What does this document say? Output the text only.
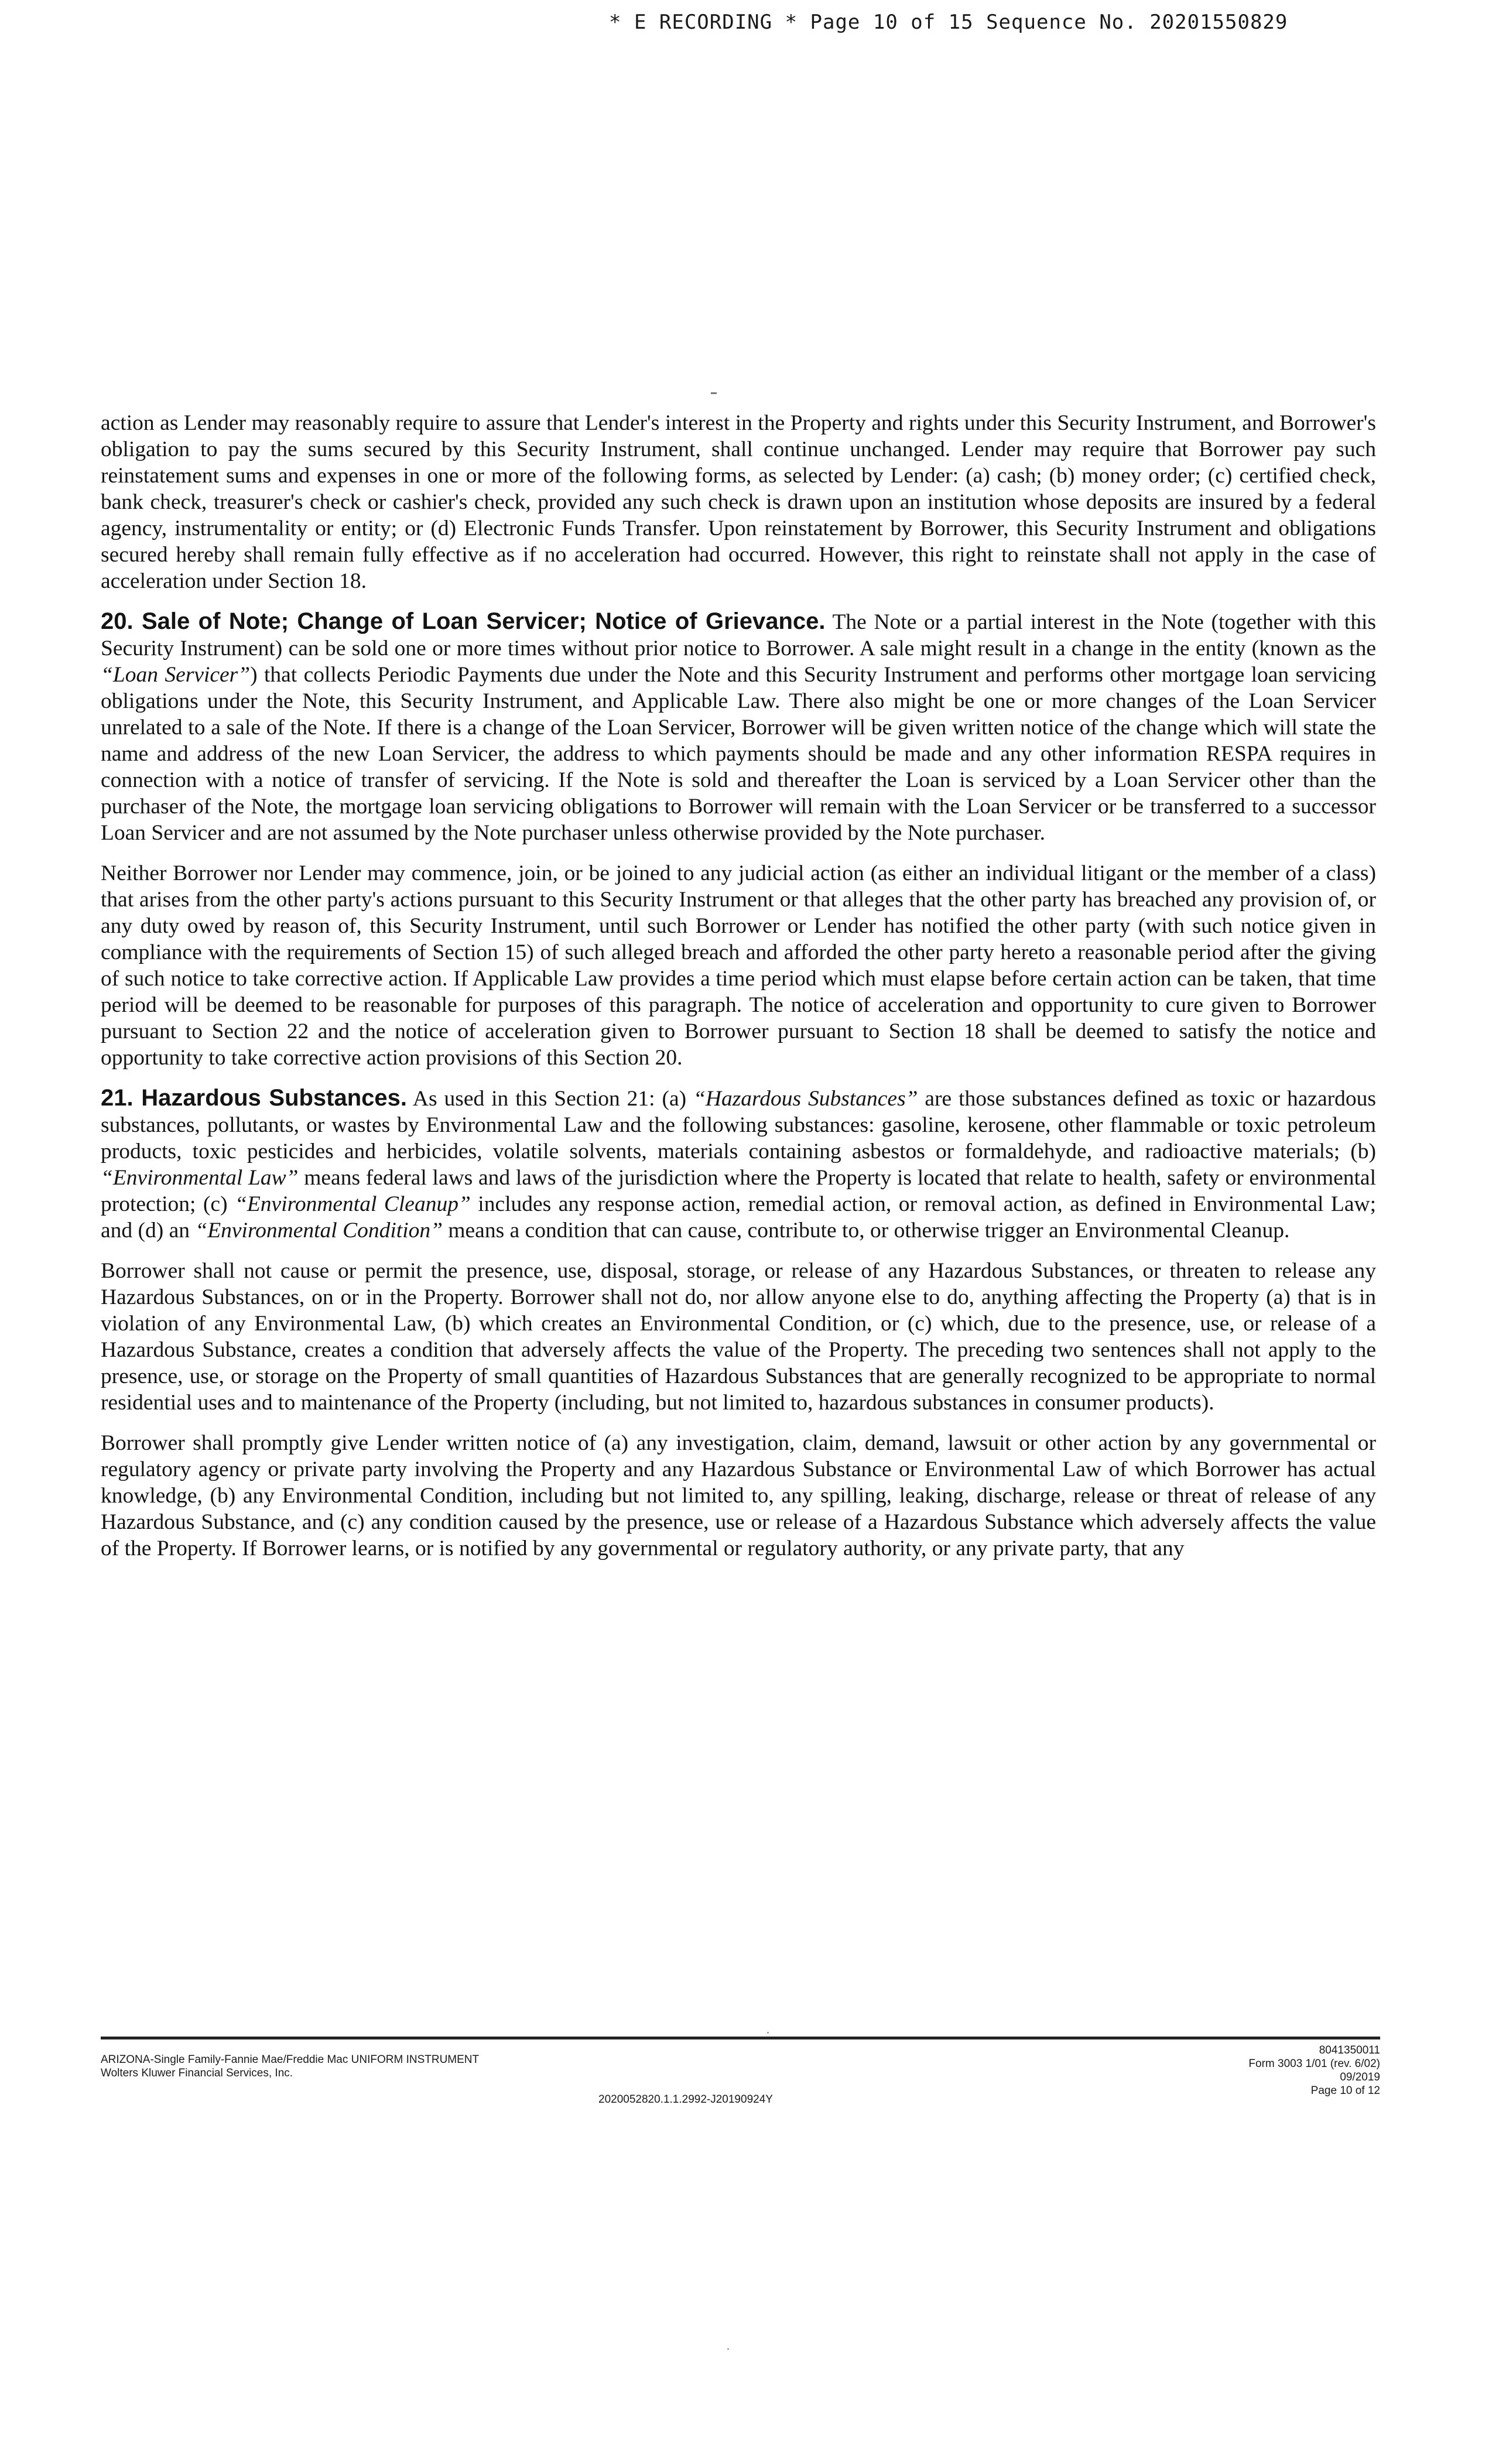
* E RECORDING * Page 10 of 15 Sequence No. 20201550829

action as Lender may reasonably require to assure that Lender's interest in the Property and rights under this Security Instrument, and Borrower's obligation to pay the sums secured by this Security Instrument, shall continue unchanged. Lender may require that Borrower pay such reinstatement sums and expenses in one or more of the following forms, as selected by Lender: (a) cash; (b) money order; (c) certified check, bank check, treasurer's check or cashier's check, provided any such check is drawn upon an institution whose deposits are insured by a federal agency, instrumentality or entity; or (d) Electronic Funds Transfer. Upon reinstatement by Borrower, this Security Instrument and obligations secured hereby shall remain fully effective as if no acceleration had occurred. However, this right to reinstate shall not apply in the case of acceleration under Section 18.

20. Sale of Note; Change of Loan Servicer; Notice of Grievance. The Note or a partial interest in the Note (together with this Security Instrument) can be sold one or more times without prior notice to Borrower. A sale might result in a change in the entity (known as the “Loan Servicer”) that collects Periodic Payments due under the Note and this Security Instrument and performs other mortgage loan servicing obligations under the Note, this Security Instrument, and Applicable Law. There also might be one or more changes of the Loan Servicer unrelated to a sale of the Note. If there is a change of the Loan Servicer, Borrower will be given written notice of the change which will state the name and address of the new Loan Servicer, the address to which payments should be made and any other information RESPA requires in connection with a notice of transfer of servicing. If the Note is sold and thereafter the Loan is serviced by a Loan Servicer other than the purchaser of the Note, the mortgage loan servicing obligations to Borrower will remain with the Loan Servicer or be transferred to a successor Loan Servicer and are not assumed by the Note purchaser unless otherwise provided by the Note purchaser.

Neither Borrower nor Lender may commence, join, or be joined to any judicial action (as either an individual litigant or the member of a class) that arises from the other party's actions pursuant to this Security Instrument or that alleges that the other party has breached any provision of, or any duty owed by reason of, this Security Instrument, until such Borrower or Lender has notified the other party (with such notice given in compliance with the requirements of Section 15) of such alleged breach and afforded the other party hereto a reasonable period after the giving of such notice to take corrective action. If Applicable Law provides a time period which must elapse before certain action can be taken, that time period will be deemed to be reasonable for purposes of this paragraph. The notice of acceleration and opportunity to cure given to Borrower pursuant to Section 22 and the notice of acceleration given to Borrower pursuant to Section 18 shall be deemed to satisfy the notice and opportunity to take corrective action provisions of this Section 20.

21. Hazardous Substances. As used in this Section 21: (a) “Hazardous Substances” are those substances defined as toxic or hazardous substances, pollutants, or wastes by Environmental Law and the following substances: gasoline, kerosene, other flammable or toxic petroleum products, toxic pesticides and herbicides, volatile solvents, materials containing asbestos or formaldehyde, and radioactive materials; (b) “Environmental Law” means federal laws and laws of the jurisdiction where the Property is located that relate to health, safety or environmental protection; (c) “Environmental Cleanup” includes any response action, remedial action, or removal action, as defined in Environmental Law; and (d) an “Environmental Condition” means a condition that can cause, contribute to, or otherwise trigger an Environmental Cleanup.

Borrower shall not cause or permit the presence, use, disposal, storage, or release of any Hazardous Substances, or threaten to release any Hazardous Substances, on or in the Property. Borrower shall not do, nor allow anyone else to do, anything affecting the Property (a) that is in violation of any Environmental Law, (b) which creates an Environmental Condition, or (c) which, due to the presence, use, or release of a Hazardous Substance, creates a condition that adversely affects the value of the Property. The preceding two sentences shall not apply to the presence, use, or storage on the Property of small quantities of Hazardous Substances that are generally recognized to be appropriate to normal residential uses and to maintenance of the Property (including, but not limited to, hazardous substances in consumer products).

Borrower shall promptly give Lender written notice of (a) any investigation, claim, demand, lawsuit or other action by any governmental or regulatory agency or private party involving the Property and any Hazardous Substance or Environmental Law of which Borrower has actual knowledge, (b) any Environmental Condition, including but not limited to, any spilling, leaking, discharge, release or threat of release of any Hazardous Substance, and (c) any condition caused by the presence, use or release of a Hazardous Substance which adversely affects the value of the Property. If Borrower learns, or is notified by any governmental or regulatory authority, or any private party, that any

ARIZONA-Single Family-Fannie Mae/Freddie Mac UNIFORM INSTRUMENT
Wolters Kluwer Financial Services, Inc.
2020052820.1.1.2992-J20190924Y
8041350011
Form 3003 1/01 (rev. 6/02)
09/2019
Page 10 of 12
